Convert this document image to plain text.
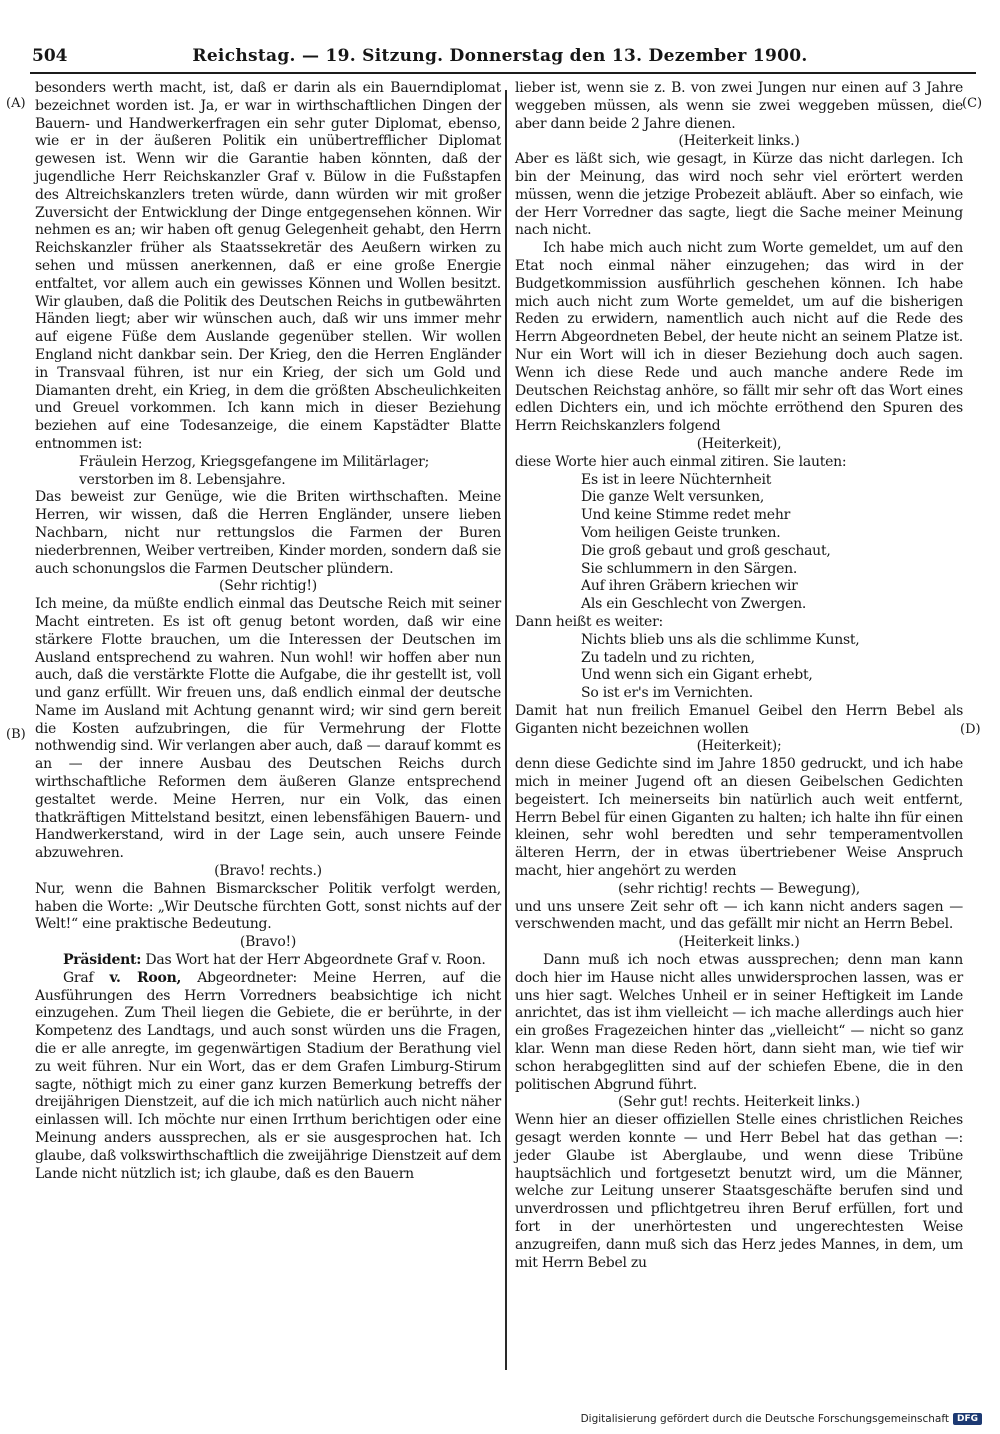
504	Reichstag. — 19. Sitzung. Donnerstag den 13. Dezember 1900.

besonders werth macht, ist, daß er darin als ein Bauerndiplomat bezeichnet worden ist. Ja, er war in wirthschaftlichen Dingen der Bauern- und Handwerkerfragen ein sehr guter Diplomat, ebenso, wie er in der äußeren Politik ein unübertrefflicher Diplomat gewesen ist. Wenn wir die Garantie haben könnten, daß der jugendliche Herr Reichskanzler Graf v. Bülow in die Fußstapfen des Altreichskanzlers treten würde, dann würden wir mit großer Zuversicht der Entwicklung der Dinge entgegensehen können. Wir nehmen es an; wir haben oft genug Gelegenheit gehabt, den Herrn Reichskanzler früher als Staatssekretär des Aeußern wirken zu sehen und müssen anerkennen, daß er eine große Energie entfaltet, vor allem auch ein gewisses Können und Wollen besitzt. Wir glauben, daß die Politik des Deutschen Reichs in gutbewährten Händen liegt; aber wir wünschen auch, daß wir uns immer mehr auf eigene Füße dem Auslande gegenüber stellen. Wir wollen England nicht dankbar sein. Der Krieg, den die Herren Engländer in Transvaal führen, ist nur ein Krieg, der sich um Gold und Diamanten dreht, ein Krieg, in dem die größten Abscheulichkeiten und Greuel vorkommen. Ich kann mich in dieser Beziehung beziehen auf eine Todesanzeige, die einem Kapstädter Blatte entnommen ist:

Fräulein Herzog, Kriegsgefangene im Militärlager; verstorben im 8. Lebensjahre.

Das beweist zur Genüge, wie die Briten wirthschaften. Meine Herren, wir wissen, daß die Herren Engländer, unsere lieben Nachbarn, nicht nur rettungslos die Farmen der Buren niederbrennen, Weiber vertreiben, Kinder morden, sondern daß sie auch schonungslos die Farmen Deutscher plündern.

(Sehr richtig!)

Ich meine, da müßte endlich einmal das Deutsche Reich mit seiner Macht eintreten. Es ist oft genug betont worden, daß wir eine stärkere Flotte brauchen, um die Interessen der Deutschen im Ausland entsprechend zu wahren. Nun wohl! wir hoffen aber nun auch, daß die verstärkte Flotte die Aufgabe, die ihr gestellt ist, voll und ganz erfüllt. Wir freuen uns, daß endlich einmal der deutsche Name im Ausland mit Achtung genannt wird; wir sind gern bereit die Kosten aufzubringen, die für Vermehrung der Flotte nothwendig sind. Wir verlangen aber auch, daß — darauf kommt es an — der innere Ausbau des Deutschen Reichs durch wirthschaftliche Reformen dem äußeren Glanze entsprechend gestaltet werde. Meine Herren, nur ein Volk, das einen thatkräftigen Mittelstand besitzt, einen lebensfähigen Bauern- und Handwerkerstand, wird in der Lage sein, auch unsere Feinde abzuwehren.

(Bravo! rechts.)

Nur, wenn die Bahnen Bismarckscher Politik verfolgt werden, haben die Worte: „Wir Deutsche fürchten Gott, sonst nichts auf der Welt!“ eine praktische Bedeutung.

(Bravo!)

Präsident: Das Wort hat der Herr Abgeordnete Graf v. Roon.

Graf v. Roon, Abgeordneter: Meine Herren, auf die Ausführungen des Herrn Vorredners beabsichtige ich nicht einzugehen. Zum Theil liegen die Gebiete, die er berührte, in der Kompetenz des Landtags, und auch sonst würden uns die Fragen, die er alle anregte, im gegenwärtigen Stadium der Berathung viel zu weit führen. Nur ein Wort, das er dem Grafen Limburg-Stirum sagte, nöthigt mich zu einer ganz kurzen Bemerkung betreffs der dreijährigen Dienstzeit, auf die ich mich natürlich auch nicht näher einlassen will. Ich möchte nur einen Irrthum berichtigen oder eine Meinung anders aussprechen, als er sie ausgesprochen hat. Ich glaube, daß volkswirthschaftlich die zweijährige Dienstzeit auf dem Lande nicht nützlich ist; ich glaube, daß es den Bauern

lieber ist, wenn sie z. B. von zwei Jungen nur einen auf 3 Jahre weggeben müssen, als wenn sie zwei weggeben müssen, die aber dann beide 2 Jahre dienen.

(Heiterkeit links.)

Aber es läßt sich, wie gesagt, in Kürze das nicht darlegen. Ich bin der Meinung, das wird noch sehr viel erörtert werden müssen, wenn die jetzige Probezeit abläuft. Aber so einfach, wie der Herr Vorredner das sagte, liegt die Sache meiner Meinung nach nicht.

Ich habe mich auch nicht zum Worte gemeldet, um auf den Etat noch einmal näher einzugehen; das wird in der Budgetkommission ausführlich geschehen können. Ich habe mich auch nicht zum Worte gemeldet, um auf die bisherigen Reden zu erwidern, namentlich auch nicht auf die Rede des Herrn Abgeordneten Bebel, der heute nicht an seinem Platze ist. Nur ein Wort will ich in dieser Beziehung doch auch sagen. Wenn ich diese Rede und auch manche andere Rede im Deutschen Reichstag anhöre, so fällt mir sehr oft das Wort eines edlen Dichters ein, und ich möchte erröthend den Spuren des Herrn Reichskanzlers folgend

(Heiterkeit),

diese Worte hier auch einmal zitiren. Sie lauten:

Es ist in leere Nüchternheit

Die ganze Welt versunken,

Und keine Stimme redet mehr

Vom heiligen Geiste trunken.

Die groß gebaut und groß geschaut,

Sie schlummern in den Särgen.

Auf ihren Gräbern kriechen wir

Als ein Geschlecht von Zwergen.

Dann heißt es weiter:

Nichts blieb uns als die schlimme Kunst,

Zu tadeln und zu richten,

Und wenn sich ein Gigant erhebt,

So ist er's im Vernichten.

Damit hat nun freilich Emanuel Geibel den Herrn Bebel als Giganten nicht bezeichnen wollen

(Heiterkeit);

denn diese Gedichte sind im Jahre 1850 gedruckt, und ich habe mich in meiner Jugend oft an diesen Geibelschen Gedichten begeistert. Ich meinerseits bin natürlich auch weit entfernt, Herrn Bebel für einen Giganten zu halten; ich halte ihn für einen kleinen, sehr wohl beredten und sehr temperamentvollen älteren Herrn, der in etwas übertriebener Weise Anspruch macht, hier angehört zu werden

(sehr richtig! rechts — Bewegung),

und uns unsere Zeit sehr oft — ich kann nicht anders sagen — verschwenden macht, und das gefällt mir nicht an Herrn Bebel.

(Heiterkeit links.)

Dann muß ich noch etwas aussprechen; denn man kann doch hier im Hause nicht alles unwidersprochen lassen, was er uns hier sagt. Welches Unheil er in seiner Heftigkeit im Lande anrichtet, das ist ihm vielleicht — ich mache allerdings auch hier ein großes Fragezeichen hinter das „vielleicht“ — nicht so ganz klar. Wenn man diese Reden hört, dann sieht man, wie tief wir schon herabgeglitten sind auf der schiefen Ebene, die in den politischen Abgrund führt.

(Sehr gut! rechts. Heiterkeit links.)

Wenn hier an dieser offiziellen Stelle eines christlichen Reiches gesagt werden konnte — und Herr Bebel hat das gethan —: jeder Glaube ist Aberglaube, und wenn diese Tribüne hauptsächlich und fortgesetzt benutzt wird, um die Männer, welche zur Leitung unserer Staatsgeschäfte berufen sind und unverdrossen und pflichtgetreu ihren Beruf erfüllen, fort und fort in der unerhörtesten und ungerechtesten Weise anzugreifen, dann muß sich das Herz jedes Mannes, in dem, um mit Herrn Bebel zu

(A)
(B)
(C)
(D)
Digitalisierung gefördert durch die Deutsche Forschungsgemeinschaft DFG
